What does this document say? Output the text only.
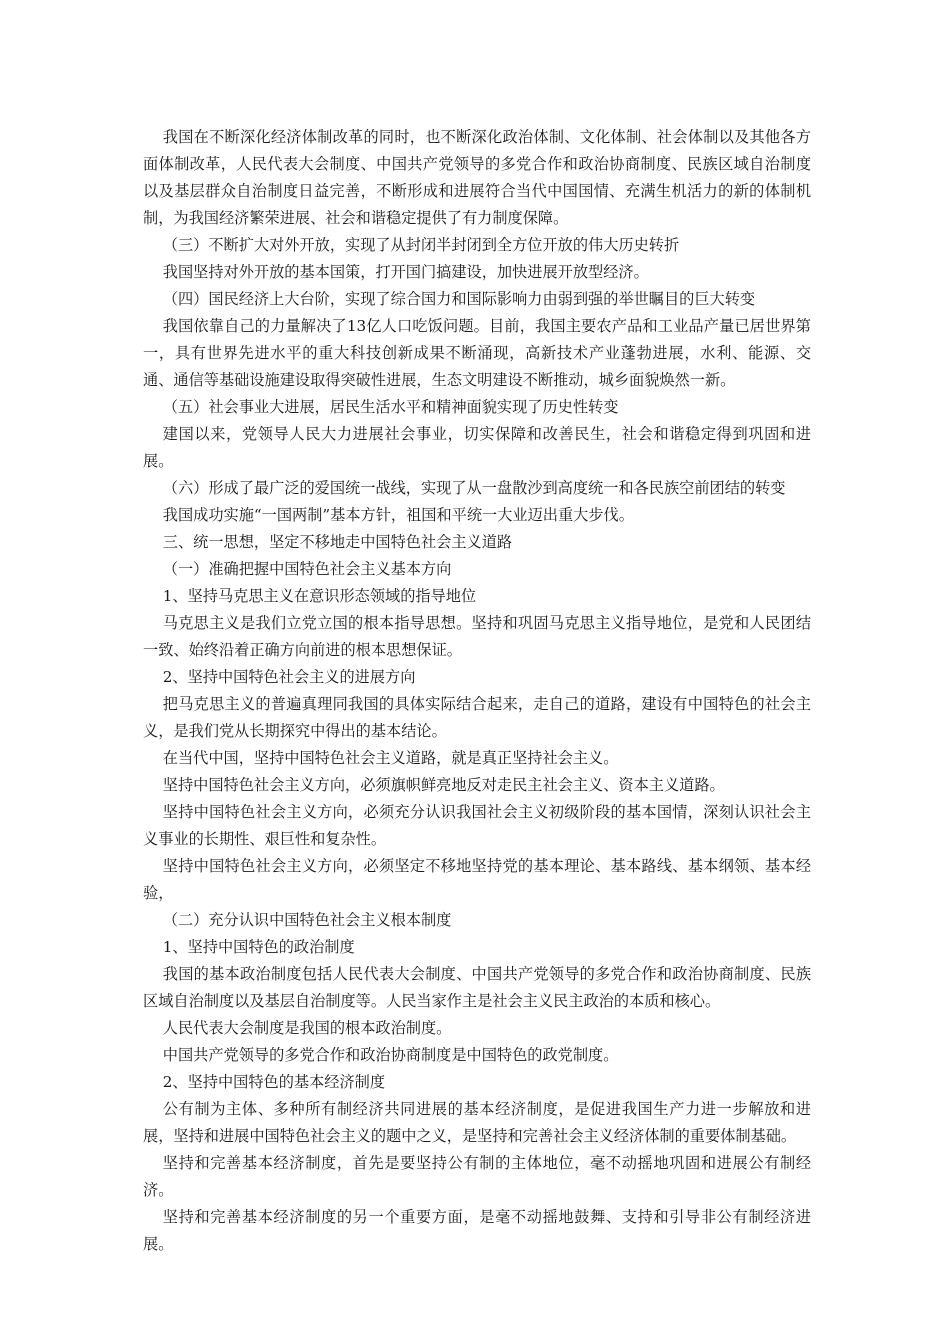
我国在不断深化经济体制改革的同时，也不断深化政治体制、文化体制、社会体制以及其他各方面体制改革，人民代表大会制度、中国共产党领导的多党合作和政治协商制度、民族区域自治制度以及基层群众自治制度日益完善，不断形成和进展符合当代中国国情、充满生机活力的新的体制机制，为我国经济繁荣进展、社会和谐稳定提供了有力制度保障。

（三）不断扩大对外开放，实现了从封闭半封闭到全方位开放的伟大历史转折

我国坚持对外开放的基本国策，打开国门搞建设，加快进展开放型经济。

（四）国民经济上大台阶，实现了综合国力和国际影响力由弱到强的举世瞩目的巨大转变

我国依靠自己的力量解决了13亿人口吃饭问题。目前，我国主要农产品和工业品产量已居世界第一，具有世界先进水平的重大科技创新成果不断涌现，高新技术产业蓬勃进展，水利、能源、交通、通信等基础设施建设取得突破性进展，生态文明建设不断推动，城乡面貌焕然一新。

（五）社会事业大进展，居民生活水平和精神面貌实现了历史性转变

建国以来，党领导人民大力进展社会事业，切实保障和改善民生，社会和谐稳定得到巩固和进展。

（六）形成了最广泛的爱国统一战线，实现了从一盘散沙到高度统一和各民族空前团结的转变

我国成功实施“一国两制”基本方针，祖国和平统一大业迈出重大步伐。

三、统一思想，坚定不移地走中国特色社会主义道路

（一）准确把握中国特色社会主义基本方向

1、坚持马克思主义在意识形态领域的指导地位

马克思主义是我们立党立国的根本指导思想。坚持和巩固马克思主义指导地位，是党和人民团结一致、始终沿着正确方向前进的根本思想保证。

2、坚持中国特色社会主义的进展方向

把马克思主义的普遍真理同我国的具体实际结合起来，走自己的道路，建设有中国特色的社会主义，是我们党从长期探究中得出的基本结论。

在当代中国，坚持中国特色社会主义道路，就是真正坚持社会主义。

坚持中国特色社会主义方向，必须旗帜鲜亮地反对走民主社会主义、资本主义道路。

坚持中国特色社会主义方向，必须充分认识我国社会主义初级阶段的基本国情，深刻认识社会主义事业的长期性、艰巨性和复杂性。

坚持中国特色社会主义方向，必须坚定不移地坚持党的基本理论、基本路线、基本纲领、基本经验，

（二）充分认识中国特色社会主义根本制度

1、坚持中国特色的政治制度

我国的基本政治制度包括人民代表大会制度、中国共产党领导的多党合作和政治协商制度、民族区域自治制度以及基层自治制度等。人民当家作主是社会主义民主政治的本质和核心。

人民代表大会制度是我国的根本政治制度。

中国共产党领导的多党合作和政治协商制度是中国特色的政党制度。

2、坚持中国特色的基本经济制度

公有制为主体、多种所有制经济共同进展的基本经济制度，是促进我国生产力进一步解放和进展，坚持和进展中国特色社会主义的题中之义，是坚持和完善社会主义经济体制的重要体制基础。

坚持和完善基本经济制度，首先是要坚持公有制的主体地位，毫不动摇地巩固和进展公有制经济。

坚持和完善基本经济制度的另一个重要方面，是毫不动摇地鼓舞、支持和引导非公有制经济进展。
